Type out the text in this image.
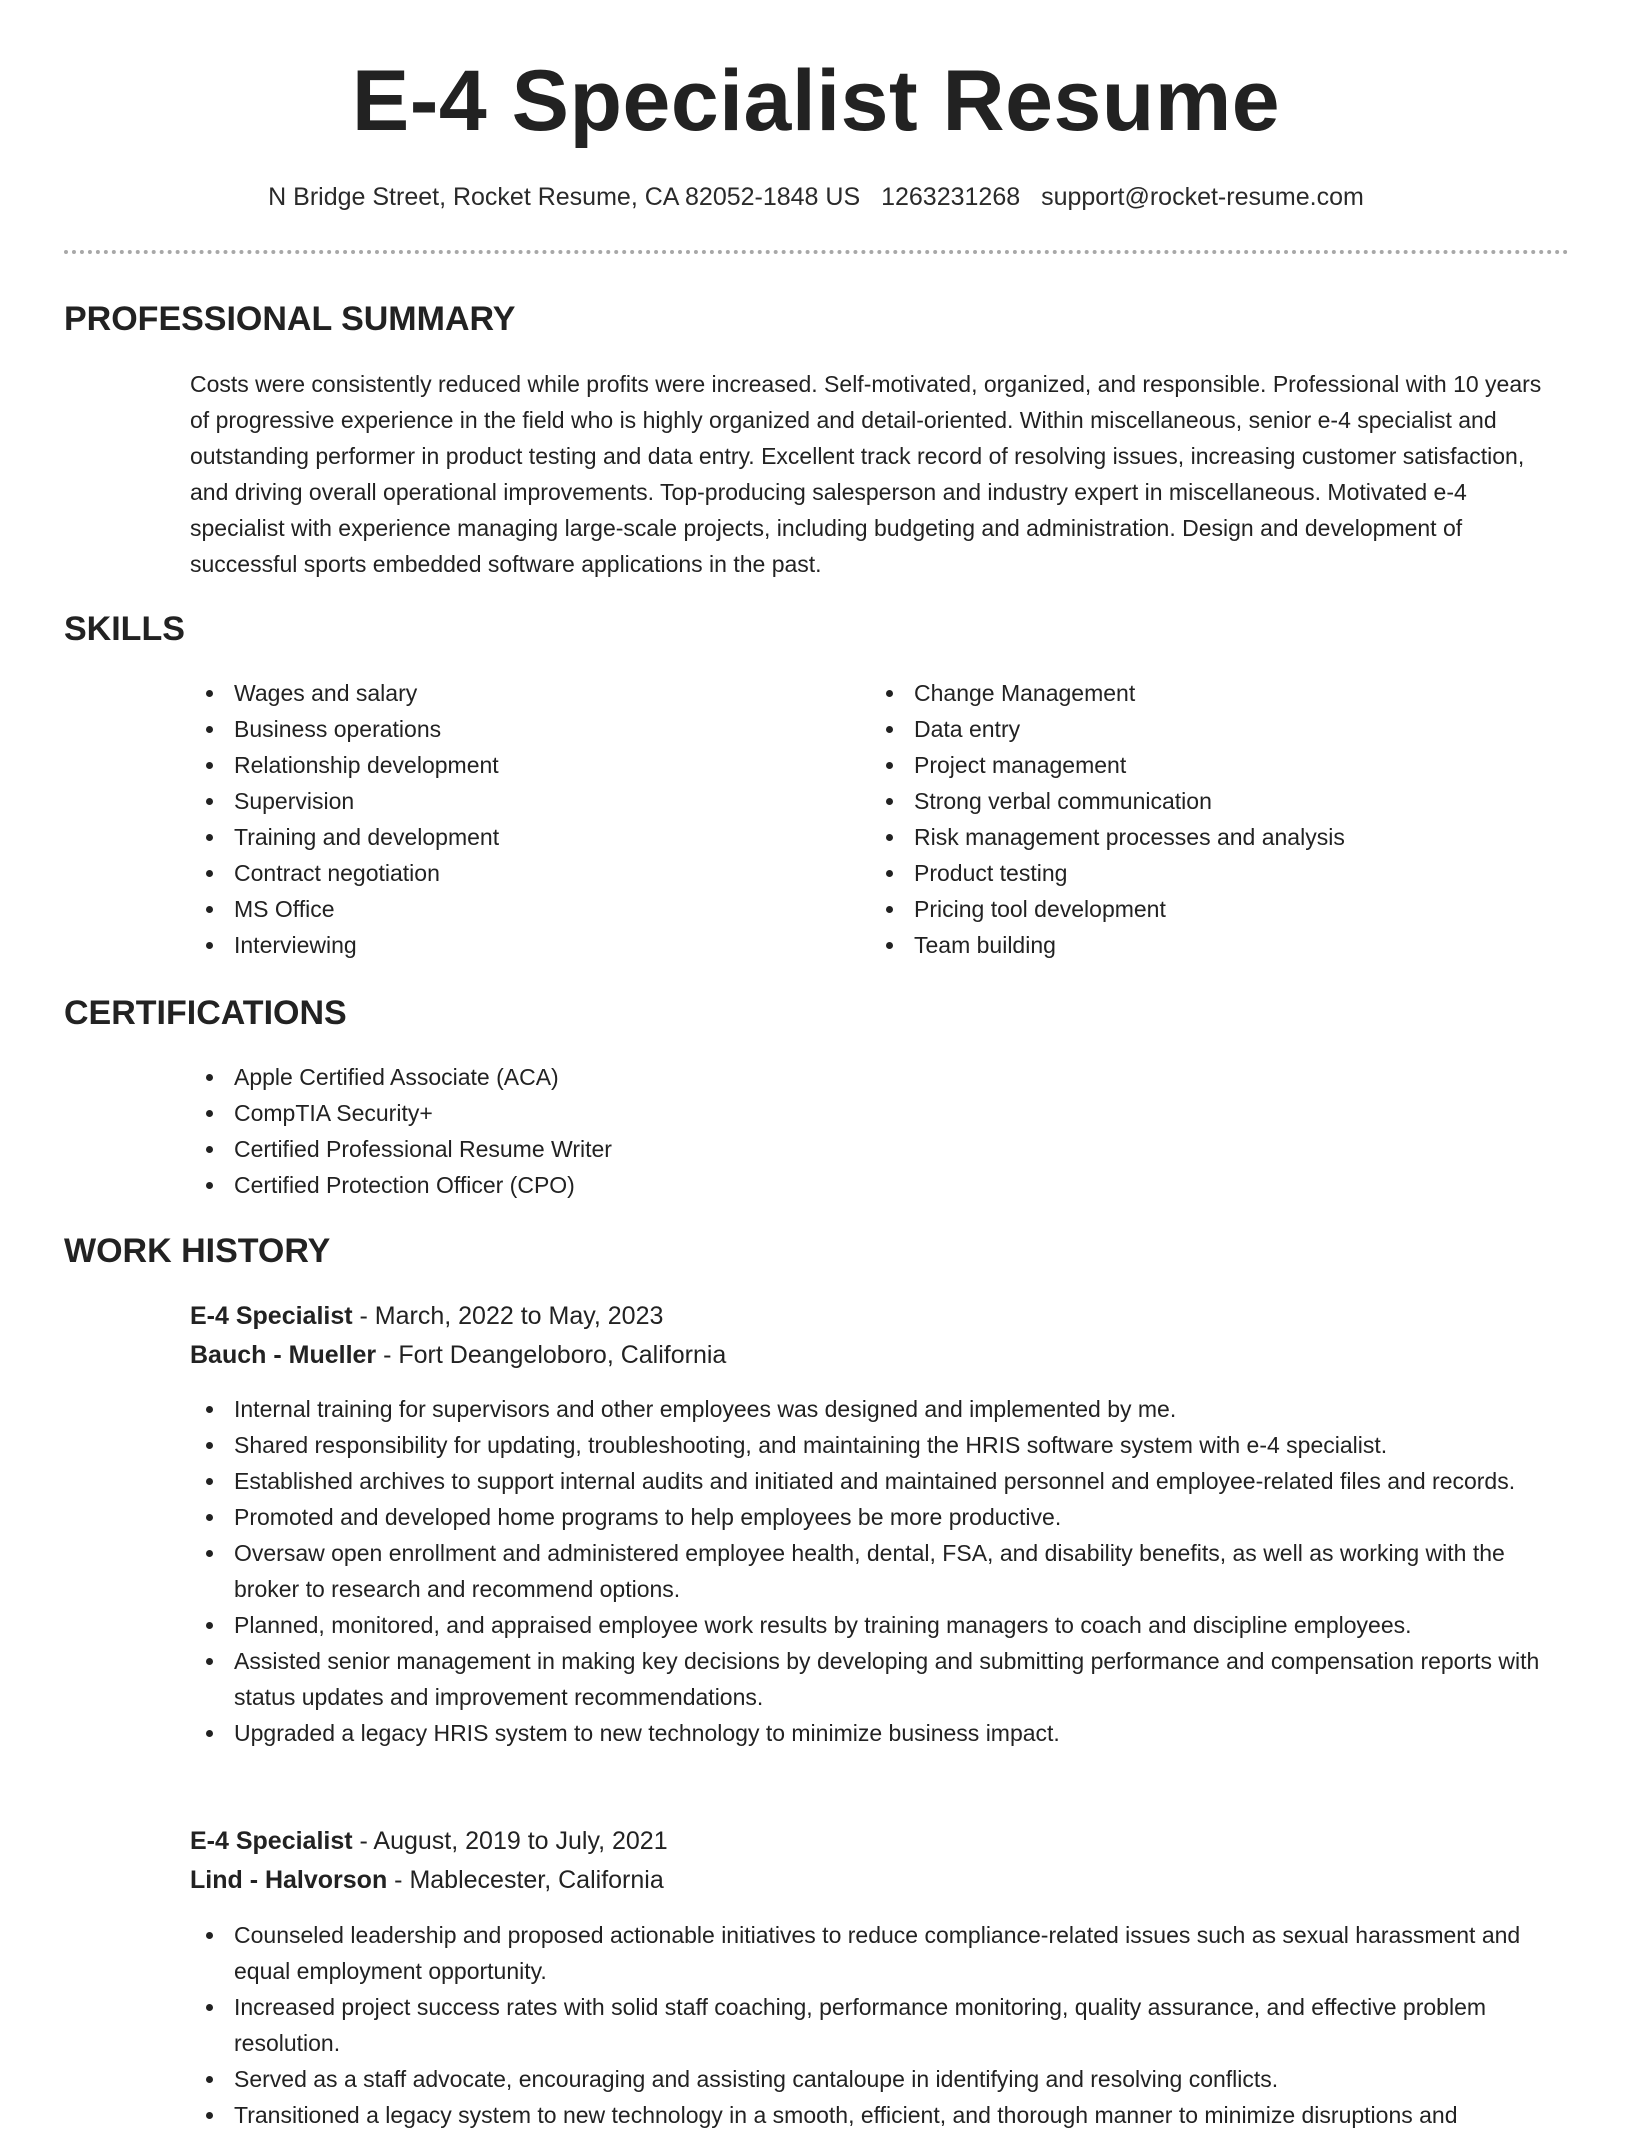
E-4 Specialist Resume
N Bridge Street, Rocket Resume, CA 82052-1848 US 1263231268 support@rocket-resume.com
PROFESSIONAL SUMMARY

Costs were consistently reduced while profits were increased. Self-motivated, organized, and responsible. Professional with 10 years of progressive experience in the field who is highly organized and detail-oriented. Within miscellaneous, senior e-4 specialist and outstanding performer in product testing and data entry. Excellent track record of resolving issues, increasing customer satisfaction, and driving overall operational improvements. Top-producing salesperson and industry expert in miscellaneous. Motivated e-4 specialist with experience managing large-scale projects, including budgeting and administration. Design and development of successful sports embedded software applications in the past.

SKILLS
Wages and salary
Business operations
Relationship development
Supervision
Training and development
Contract negotiation
MS Office
Interviewing
Change Management
Data entry
Project management
Strong verbal communication
Risk management processes and analysis
Product testing
Pricing tool development
Team building
CERTIFICATIONS
Apple Certified Associate (ACA)
CompTIA Security+
Certified Professional Resume Writer
Certified Protection Officer (CPO)
WORK HISTORY
E-4 Specialist - March, 2022 to May, 2023
Bauch - Mueller - Fort Deangeloboro, California
Internal training for supervisors and other employees was designed and implemented by me.
Shared responsibility for updating, troubleshooting, and maintaining the HRIS software system with e-4 specialist.
Established archives to support internal audits and initiated and maintained personnel and employee-related files and records.
Promoted and developed home programs to help employees be more productive.
Oversaw open enrollment and administered employee health, dental, FSA, and disability benefits, as well as working with the broker to research and recommend options.
Planned, monitored, and appraised employee work results by training managers to coach and discipline employees.
Assisted senior management in making key decisions by developing and submitting performance and compensation reports with status updates and improvement recommendations.
Upgraded a legacy HRIS system to new technology to minimize business impact.
E-4 Specialist - August, 2019 to July, 2021
Lind - Halvorson - Mablecester, California
Counseled leadership and proposed actionable initiatives to reduce compliance-related issues such as sexual harassment and equal employment opportunity.
Increased project success rates with solid staff coaching, performance monitoring, quality assurance, and effective problem resolution.
Served as a staff advocate, encouraging and assisting cantaloupe in identifying and resolving conflicts.
Transitioned a legacy system to new technology in a smooth, efficient, and thorough manner to minimize disruptions and
